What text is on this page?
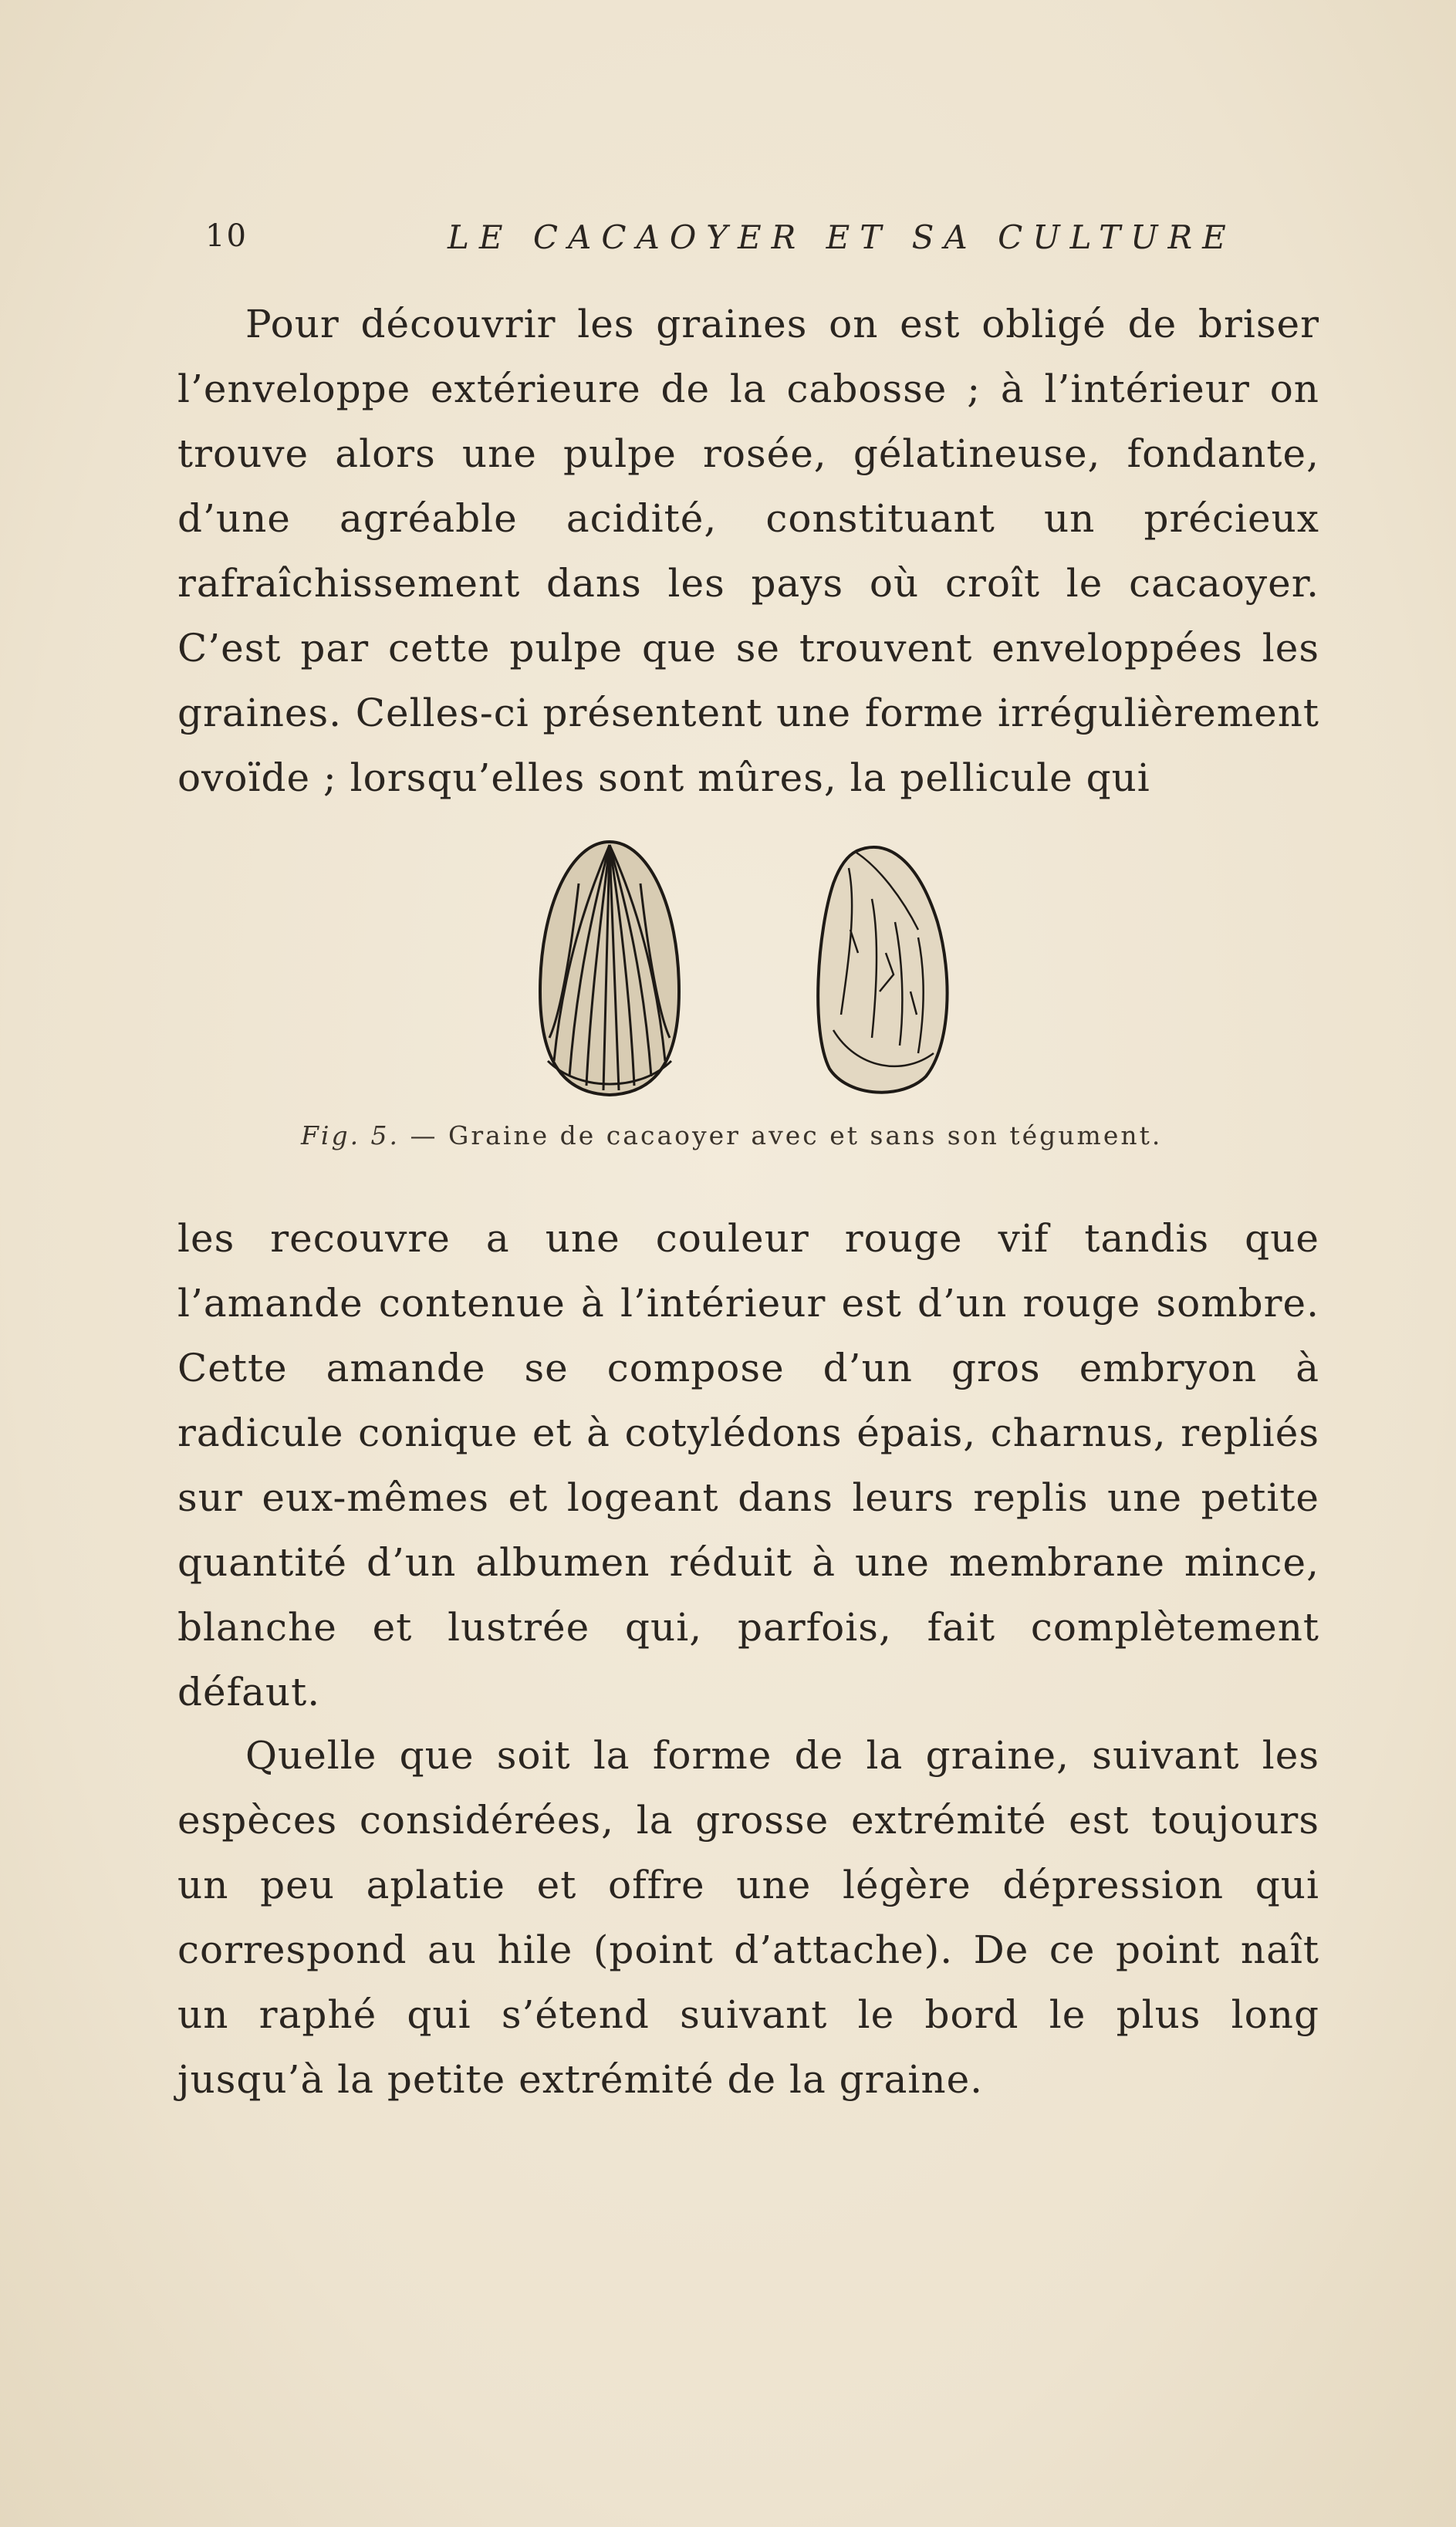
10	LE CACAOYER ET SA CULTURE

Pour découvrir les graines on est obligé de briser l’enveloppe extérieure de la cabosse ; à l’intérieur on trouve alors une pulpe rosée, gélatineuse, fondante, d’une agréable acidité, constituant un précieux rafraîchissement dans les pays où croît le cacaoyer. C’est par cette pulpe que se trouvent enveloppées les graines. Celles-ci présentent une forme irrégulièrement ovoïde ; lorsqu’elles sont mûres, la pellicule qui

Fig. 5. — Graine de cacaoyer avec et sans son tégument.

les recouvre a une couleur rouge vif tandis que l’amande contenue à l’intérieur est d’un rouge sombre. Cette amande se compose d’un gros embryon à radicule conique et à cotylédons épais, charnus, repliés sur eux-mêmes et logeant dans leurs replis une petite quantité d’un albumen réduit à une membrane mince, blanche et lustrée qui, parfois, fait complètement défaut.

Quelle que soit la forme de la graine, suivant les espèces considérées, la grosse extrémité est toujours un peu aplatie et offre une légère dépression qui correspond au hile (point d’attache). De ce point naît un raphé qui s’étend suivant le bord le plus long jusqu’à la petite extrémité de la graine.
